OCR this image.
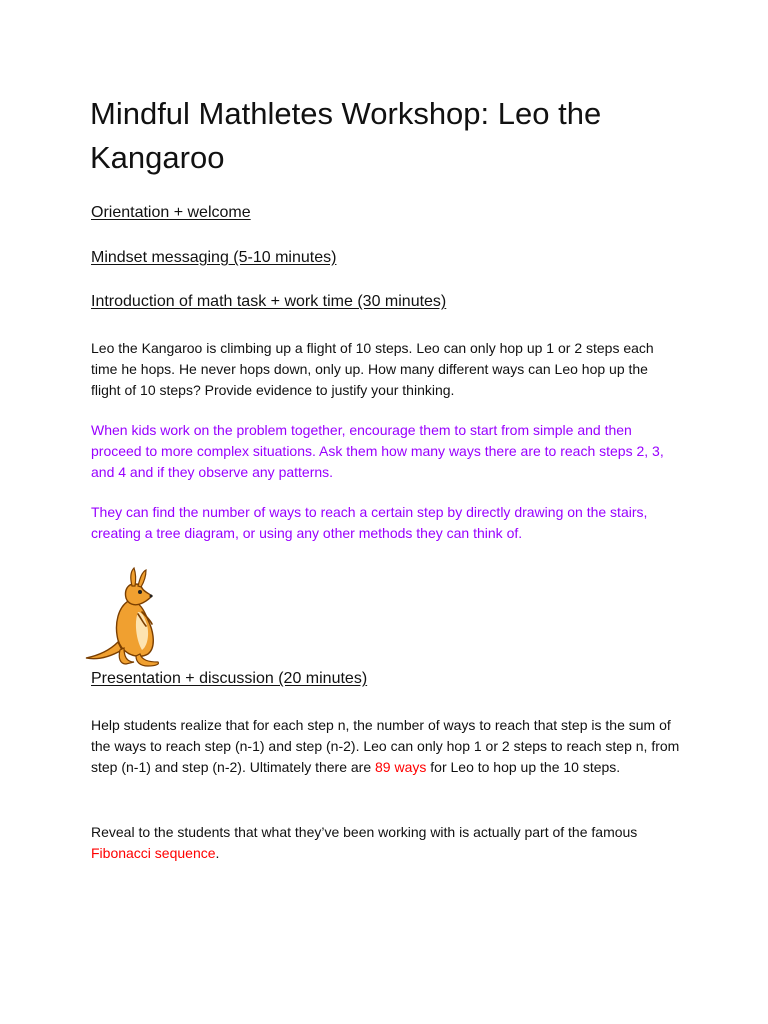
Mindful Mathletes Workshop: Leo the Kangaroo
Orientation + welcome
Mindset messaging (5-10 minutes)
Introduction of math task + work time (30 minutes)

Leo the Kangaroo is climbing up a flight of 10 steps. Leo can only hop up 1 or 2 steps each time he hops. He never hops down, only up. How many different ways can Leo hop up the flight of 10 steps? Provide evidence to justify your thinking.

When kids work on the problem together, encourage them to start from simple and then proceed to more complex situations. Ask them how many ways there are to reach steps 2, 3, and 4 and if they observe any patterns.

They can find the number of ways to reach a certain step by directly drawing on the stairs, creating a tree diagram, or using any other methods they can think of.

Presentation + discussion (20 minutes)

Help students realize that for each step n, the number of ways to reach that step is the sum of the ways to reach step (n-1) and step (n-2). Leo can only hop 1 or 2 steps to reach step n, from step (n-1) and step (n-2). Ultimately there are 89 ways for Leo to hop up the 10 steps.

Reveal to the students that what they’ve been working with is actually part of the famous Fibonacci sequence.
